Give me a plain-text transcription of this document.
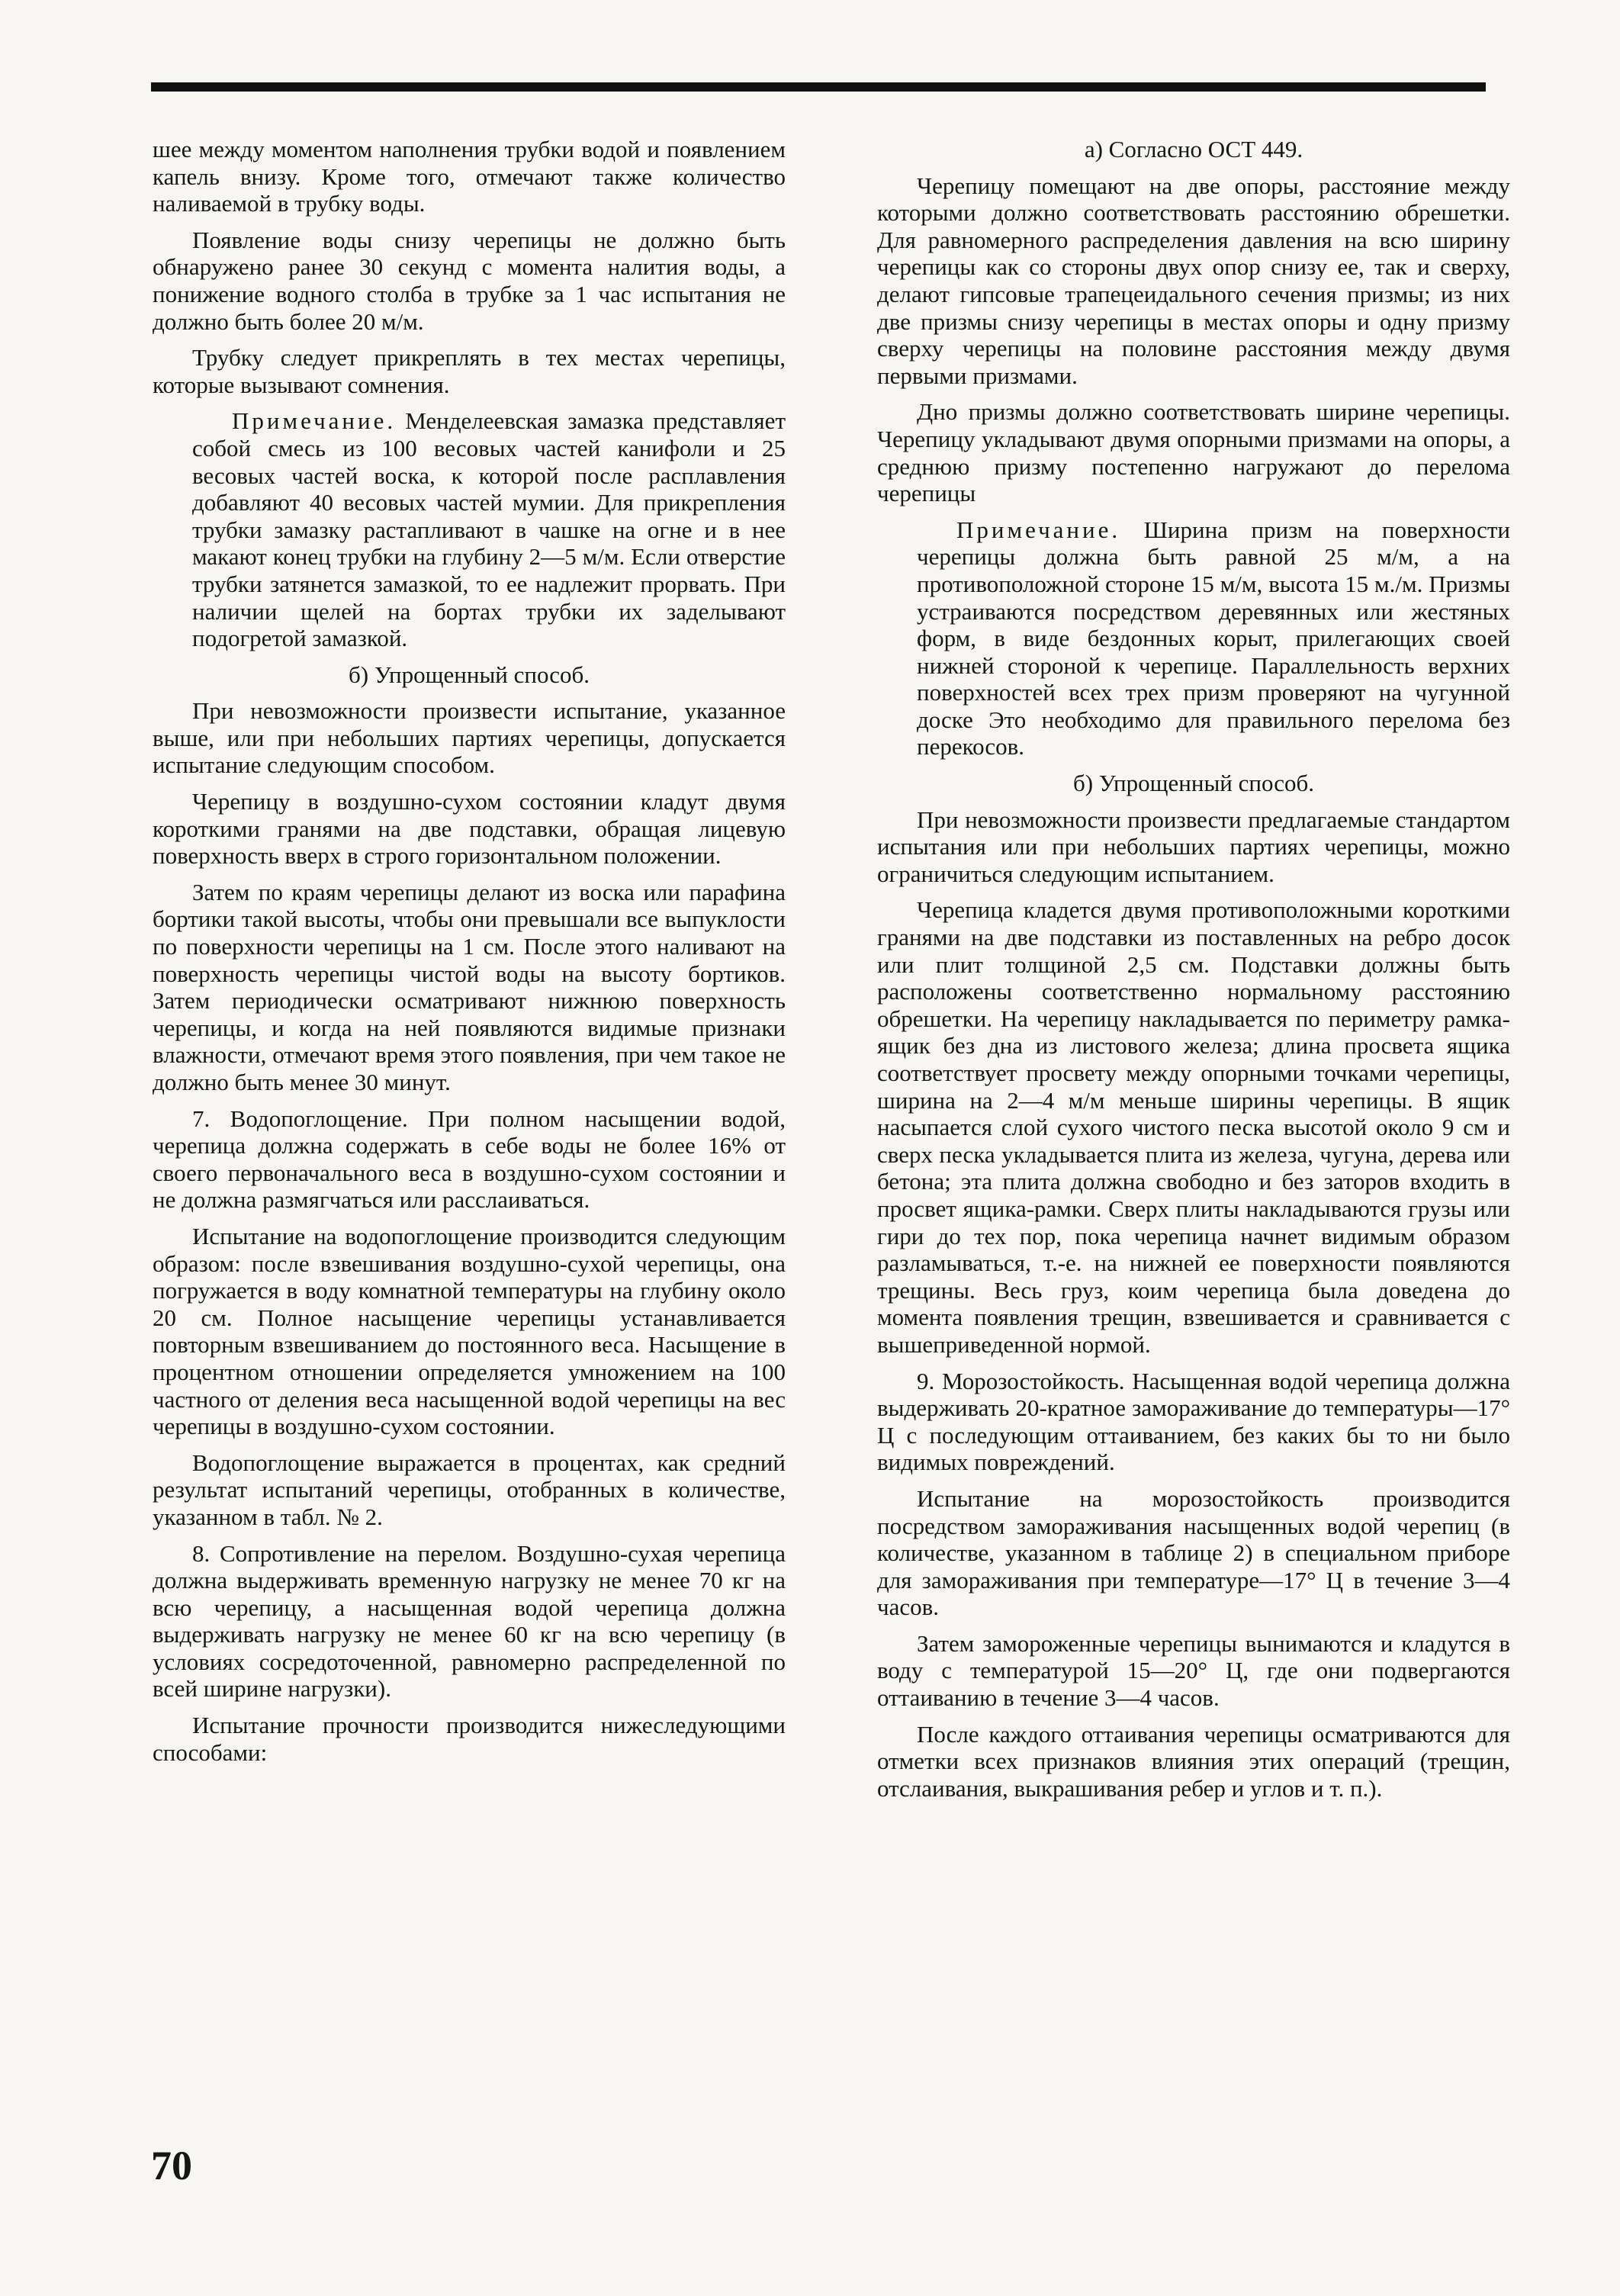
шее между моментом наполнения трубки водой и появлением капель внизу. Кроме того, отмечают также количество наливаемой в трубку воды.

Появление воды снизу черепицы не должно быть обнаружено ранее 30 секунд с момента налития воды, а понижение водного столба в трубке за 1 час испытания не должно быть более 20 м/м.

Трубку следует прикреплять в тех местах черепицы, которые вызывают сомнения.

Примечание. Менделеевская замазка представляет собой смесь из 100 весовых частей канифоли и 25 весовых частей воска, к которой после расплавления добавляют 40 весовых частей мумии. Для прикрепления трубки замазку растапливают в чашке на огне и в нее макают конец трубки на глубину 2—5 м/м. Если отверстие трубки затянется замазкой, то ее надлежит прорвать. При наличии щелей на бортах трубки их заделывают подогретой замазкой.

б) Упрощенный способ.

При невозможности произвести испытание, указанное выше, или при небольших партиях черепицы, допускается испытание следующим способом.

Черепицу в воздушно-сухом состоянии кладут двумя короткими гранями на две подставки, обращая лицевую поверхность вверх в строго горизонтальном положении.

Затем по краям черепицы делают из воска или парафина бортики такой высоты, чтобы они превышали все выпуклости по поверхности черепицы на 1 см. После этого наливают на поверхность черепицы чистой воды на высоту бортиков. Затем периодически осматривают нижнюю поверхность черепицы, и когда на ней появляются видимые признаки влажности, отмечают время этого появления, при чем такое не должно быть менее 30 минут.

7. Водопоглощение. При полном насыщении водой, черепица должна содержать в себе воды не более 16% от своего первоначального веса в воздушно-сухом состоянии и не должна размягчаться или расслаиваться.

Испытание на водопоглощение производится следующим образом: после взвешивания воздушно-сухой черепицы, она погружается в воду комнатной температуры на глубину около 20 см. Полное насыщение черепицы устанавливается повторным взвешиванием до постоянного веса. Насыщение в процентном отношении определяется умножением на 100 частного от деления веса насыщенной водой черепицы на вес черепицы в воздушно-сухом состоянии.

Водопоглощение выражается в процентах, как средний результат испытаний черепицы, отобранных в количестве, указанном в табл. № 2.

8. Сопротивление на перелом. Воздушно-сухая черепица должна выдерживать временную нагрузку не менее 70 кг на всю черепицу, а насыщенная водой черепица должна выдерживать нагрузку не менее 60 кг на всю черепицу (в условиях сосредоточенной, равномерно распределенной по всей ширине нагрузки).

Испытание прочности производится нижеследующими способами:

а) Согласно ОСТ 449.

Черепицу помещают на две опоры, расстояние между которыми должно соответствовать расстоянию обрешетки. Для равномерного распределения давления на всю ширину черепицы как со стороны двух опор снизу ее, так и сверху, делают гипсовые трапецеидального сечения призмы; из них две призмы снизу черепицы в местах опоры и одну призму сверху черепицы на половине расстояния между двумя первыми призмами.

Дно призмы должно соответствовать ширине черепицы. Черепицу укладывают двумя опорными призмами на опоры, а среднюю призму постепенно нагружают до перелома черепицы

Примечание. Ширина призм на поверхности черепицы должна быть равной 25 м/м, а на противоположной стороне 15 м/м, высота 15 м./м. Призмы устраиваются посредством деревянных или жестяных форм, в виде бездонных корыт, прилегающих своей нижней стороной к черепице. Параллельность верхних поверхностей всех трех призм проверяют на чугунной доске Это необходимо для правильного перелома без перекосов.

б) Упрощенный способ.

При невозможности произвести предлагаемые стандартом испытания или при небольших партиях черепицы, можно ограничиться следующим испытанием.

Черепица кладется двумя противоположными короткими гранями на две подставки из поставленных на ребро досок или плит толщиной 2,5 см. Подставки должны быть расположены соответственно нормальному расстоянию обрешетки. На черепицу накладывается по периметру рамка-ящик без дна из листового железа; длина просвета ящика соответствует просвету между опорными точками черепицы, ширина на 2—4 м/м меньше ширины черепицы. В ящик насыпается слой сухого чистого песка высотой около 9 см и сверх песка укладывается плита из железа, чугуна, дерева или бетона; эта плита должна свободно и без заторов входить в просвет ящика-рамки. Сверх плиты накладываются грузы или гири до тех пор, пока черепица начнет видимым образом разламываться, т.-е. на нижней ее поверхности появляются трещины. Весь груз, коим черепица была доведена до момента появления трещин, взвешивается и сравнивается с вышеприведенной нормой.

9. Морозостойкость. Насыщенная водой черепица должна выдерживать 20-кратное замораживание до температуры—17° Ц с последующим оттаиванием, без каких бы то ни было видимых повреждений.

Испытание на морозостойкость производится посредством замораживания насыщенных водой черепиц (в количестве, указанном в таблице 2) в специальном приборе для замораживания при температуре—17° Ц в течение 3—4 часов.

Затем замороженные черепицы вынимаются и кладутся в воду с температурой 15—20° Ц, где они подвергаются оттаиванию в течение 3—4 часов.

После каждого оттаивания черепицы осматриваются для отметки всех признаков влияния этих операций (трещин, отслаивания, выкрашивания ребер и углов и т. п.).

70
